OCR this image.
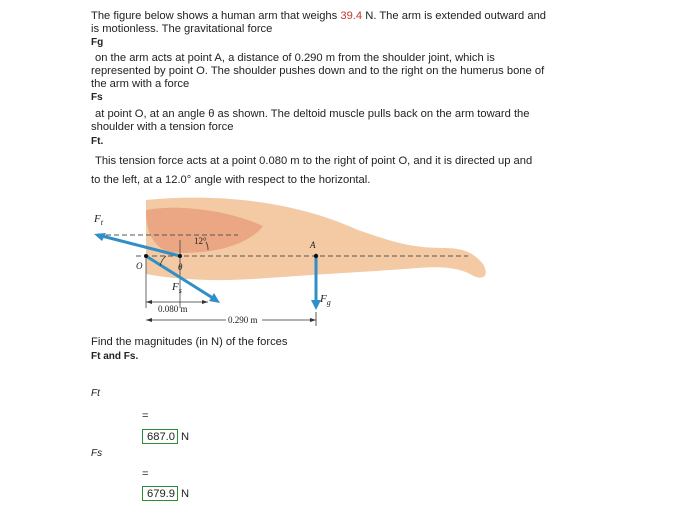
The figure below shows a human arm that weighs 39.4 N. The arm is extended outward and
is motionless. The gravitational force
Fg
on the arm acts at point A, a distance of 0.290 m from the shoulder joint, which is
represented by point O. The shoulder pushes down and to the right on the humerus bone of
the arm with a force
Fs
at point O, at an angle θ as shown. The deltoid muscle pulls back on the arm toward the
shoulder with a tension force
Ft.
This tension force acts at a point 0.080 m to the right of point O, and it is directed up and
to the left, at a 12.0° angle with respect to the horizontal.
$F_t$
$F_s$
$F_g$
12°
θ
O
A
0.080 m
0.290 m
Find the magnitudes (in N) of the forces
Ft and Fs.
Ft
=
687.0
N
Fs
=
679.9
N
